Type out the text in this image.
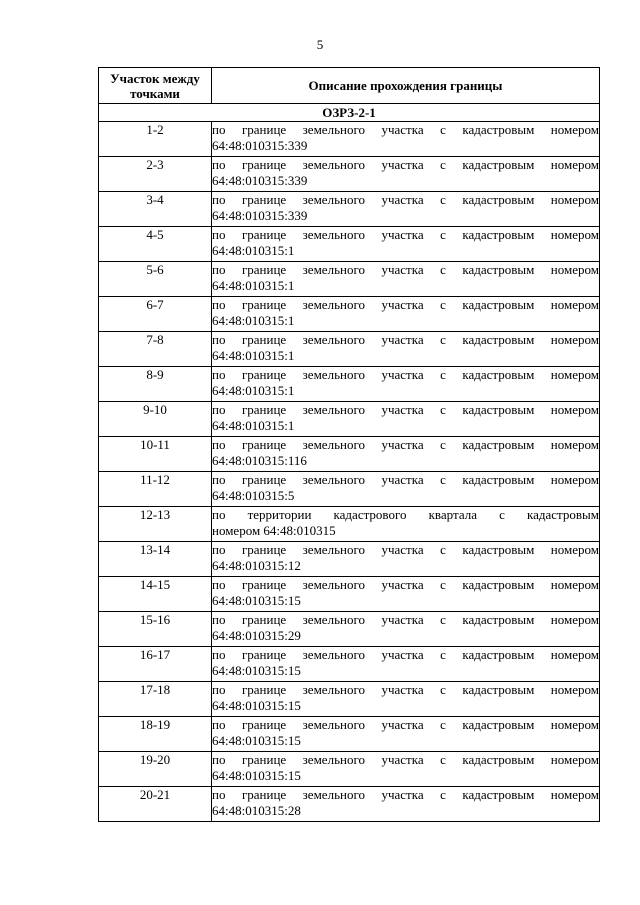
5
Участок между точками	Описание прохождения границы
ОЗРЗ-2-1	
1-2	по границе земельного участка с кадастровым номером
64:48:010315:339

2-3	по границе земельного участка с кадастровым номером
64:48:010315:339

3-4	по границе земельного участка с кадастровым номером
64:48:010315:339

4-5	по границе земельного участка с кадастровым номером
64:48:010315:1

5-6	по границе земельного участка с кадастровым номером
64:48:010315:1

6-7	по границе земельного участка с кадастровым номером
64:48:010315:1

7-8	по границе земельного участка с кадастровым номером
64:48:010315:1

8-9	по границе земельного участка с кадастровым номером
64:48:010315:1

9-10	по границе земельного участка с кадастровым номером
64:48:010315:1

10-11	по границе земельного участка с кадастровым номером
64:48:010315:116

11-12	по границе земельного участка с кадастровым номером
64:48:010315:5

12-13	по территории кадастрового квартала с кадастровым
номером 64:48:010315

13-14	по границе земельного участка с кадастровым номером
64:48:010315:12

14-15	по границе земельного участка с кадастровым номером
64:48:010315:15

15-16	по границе земельного участка с кадастровым номером
64:48:010315:29

16-17	по границе земельного участка с кадастровым номером
64:48:010315:15

17-18	по границе земельного участка с кадастровым номером
64:48:010315:15

18-19	по границе земельного участка с кадастровым номером
64:48:010315:15

19-20	по границе земельного участка с кадастровым номером
64:48:010315:15

20-21	по границе земельного участка с кадастровым номером
64:48:010315:28
